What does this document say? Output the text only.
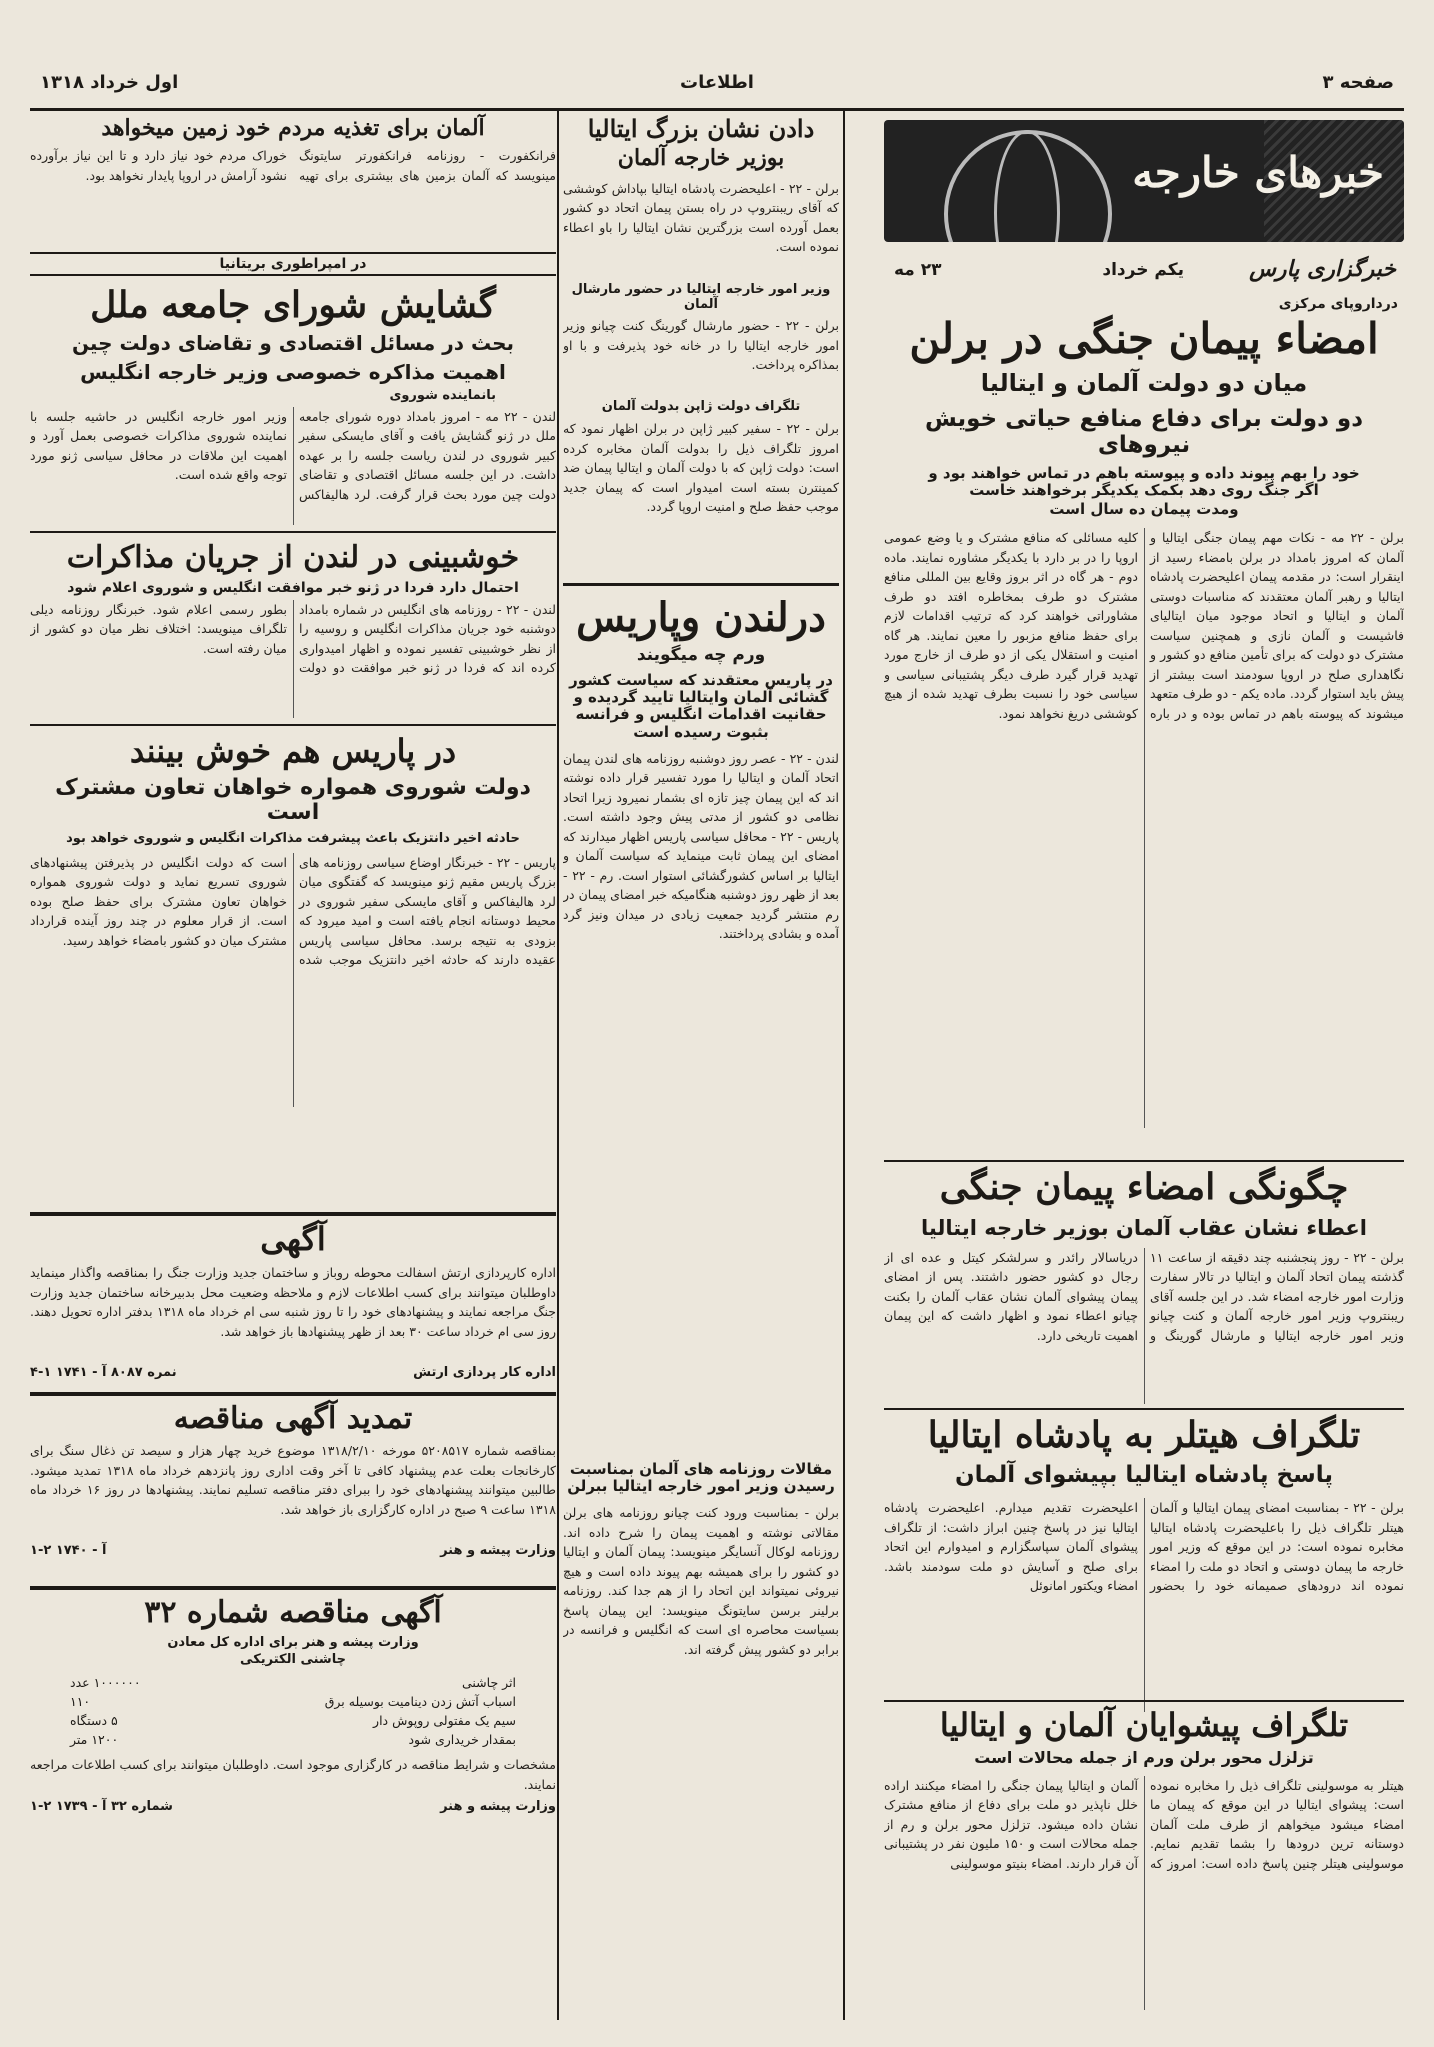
صفحه ۳
اطلاعات
اول خرداد ۱۳۱۸
خبرهای خارجه
خبرگزاری پارس
یکم خرداد
۲۳ مه
درداروپای مرکزی
امضاء پیمان جنگی در برلن
میان دو دولت آلمان و ایتالیا
دو دولت برای دفاع منافع حیاتی خویش نیروهای
خود را بهم پیوند داده و پیوسته باهم در تماس خواهند بود و اگر جنگ روی دهد بکمک یکدیگر برخواهند خاست
ومدت پیمان ده سال است
برلن - ۲۲ مه - نکات مهم پیمان جنگی ایتالیا و آلمان که امروز بامداد در برلن بامضاء رسید از اینقرار است: در مقدمه پیمان اعلیحضرت پادشاه ایتالیا و رهبر آلمان معتقدند که مناسبات دوستی آلمان و ایتالیا و اتحاد موجود میان ایتالیای فاشیست و آلمان نازی و همچنین سیاست مشترک دو دولت که برای تأمین منافع دو کشور و نگاهداری صلح در اروپا سودمند است بیشتر از پیش باید استوار گردد. ماده یکم - دو طرف متعهد میشوند که پیوسته باهم در تماس بوده و در باره کلیه مسائلی که منافع مشترک و یا وضع عمومی اروپا را در بر دارد با یکدیگر مشاوره نمایند. ماده دوم - هر گاه در اثر بروز وقایع بین المللی منافع مشترک دو طرف بمخاطره افتد دو طرف مشاوراتی خواهند کرد که ترتیب اقدامات لازم برای حفظ منافع مزبور را معین نمایند. هر گاه امنیت و استقلال یکی از دو طرف از خارج مورد تهدید قرار گیرد طرف دیگر پشتیبانی سیاسی و سیاسی خود را نسبت بطرف تهدید شده از هیچ کوششی دریغ نخواهد نمود.
چگونگی امضاء پیمان جنگی
اعطاء نشان عقاب آلمان بوزیر خارجه ایتالیا
برلن - ۲۲ - روز پنجشنبه چند دقیقه از ساعت ۱۱ گذشته پیمان اتحاد آلمان و ایتالیا در تالار سفارت وزارت امور خارجه امضاء شد. در این جلسه آقای ریبنتروپ وزیر امور خارجه آلمان و کنت چیانو وزیر امور خارجه ایتالیا و مارشال گورینگ و دریاسالار رائدر و سرلشکر کیتل و عده ای از رجال دو کشور حضور داشتند. پس از امضای پیمان پیشوای آلمان نشان عقاب آلمان را بکنت چیانو اعطاء نمود و اظهار داشت که این پیمان اهمیت تاریخی دارد.
تلگراف هیتلر به پادشاه ایتالیا
پاسخ پادشاه ایتالیا بپیشوای آلمان
برلن - ۲۲ - بمناسبت امضای پیمان ایتالیا و آلمان هیتلر تلگراف ذیل را باعلیحضرت پادشاه ایتالیا مخابره نموده است: در این موقع که وزیر امور خارجه ما پیمان دوستی و اتحاد دو ملت را امضاء نموده اند درودهای صمیمانه خود را بحضور اعلیحضرت تقدیم میدارم. اعلیحضرت پادشاه ایتالیا نیز در پاسخ چنین ابراز داشت: از تلگراف پیشوای آلمان سپاسگزارم و امیدوارم این اتحاد برای صلح و آسایش دو ملت سودمند باشد. امضاء ویکتور امانوئل
تلگراف پیشوایان آلمان و ایتالیا
تزلزل محور برلن ورم از جمله محالات است
هیتلر به موسولینی تلگراف ذیل را مخابره نموده است: پیشوای ایتالیا در این موقع که پیمان ما امضاء میشود میخواهم از طرف ملت آلمان دوستانه ترین درودها را بشما تقدیم نمایم. موسولینی هیتلر چنین پاسخ داده است: امروز که آلمان و ایتالیا پیمان جنگی را امضاء میکنند اراده خلل ناپذیر دو ملت برای دفاع از منافع مشترک نشان داده میشود. تزلزل محور برلن و رم از جمله محالات است و ۱۵۰ ملیون نفر در پشتیبانی آن قرار دارند. امضاء بنیتو موسولینی
دادن نشان بزرگ ایتالیا
بوزیر خارجه آلمان
برلن - ۲۲ - اعلیحضرت پادشاه ایتالیا بپاداش کوششی که آقای ریبنتروپ در راه بستن پیمان اتحاد دو کشور بعمل آورده است بزرگترین نشان ایتالیا را باو اعطاء نموده است.
وزیر امور خارجه ایتالیا در حضور مارشال آلمان
برلن - ۲۲ - حضور مارشال گورینگ کنت چیانو وزیر امور خارجه ایتالیا را در خانه خود پذیرفت و با او بمذاکره پرداخت.
تلگراف دولت ژاپن بدولت آلمان
برلن - ۲۲ - سفیر کبیر ژاپن در برلن اظهار نمود که امروز تلگراف ذیل را بدولت آلمان مخابره کرده است: دولت ژاپن که با دولت آلمان و ایتالیا پیمان ضد کمینترن بسته است امیدوار است که پیمان جدید موجب حفظ صلح و امنیت اروپا گردد.
درلندن وپاریس
ورم چه میگویند
در پاریس معتقدند که سیاست کشور گشائی آلمان وایتالیا تایید گردیده و حقانیت اقدامات انگلیس و فرانسه بثبوت رسیده است
لندن - ۲۲ - عصر روز دوشنبه روزنامه های لندن پیمان اتحاد آلمان و ایتالیا را مورد تفسیر قرار داده نوشته اند که این پیمان چیز تازه ای بشمار نمیرود زیرا اتحاد نظامی دو کشور از مدتی پیش وجود داشته است. پاریس - ۲۲ - محافل سیاسی پاریس اظهار میدارند که امضای این پیمان ثابت مینماید که سیاست آلمان و ایتالیا بر اساس کشورگشائی استوار است. رم - ۲۲ - بعد از ظهر روز دوشنبه هنگامیکه خبر امضای پیمان در رم منتشر گردید جمعیت زیادی در میدان ونیز گرد آمده و بشادی پرداختند.
مقالات روزنامه های آلمان بمناسبت رسیدن وزیر امور خارجه ایتالیا ببرلن
برلن - بمناسبت ورود کنت چیانو روزنامه های برلن مقالاتی نوشته و اهمیت پیمان را شرح داده اند. روزنامه لوکال آنسایگر مینویسد: پیمان آلمان و ایتالیا دو کشور را برای همیشه بهم پیوند داده است و هیچ نیروئی نمیتواند این اتحاد را از هم جدا کند. روزنامه برلینر برسن سایتونگ مینویسد: این پیمان پاسخ بسیاست محاصره ای است که انگلیس و فرانسه در برابر دو کشور پیش گرفته اند.
آلمان برای تغذیه مردم خود زمین میخواهد
فرانکفورت - روزنامه فرانکفورتر سایتونگ مینویسد که آلمان بزمین های بیشتری برای تهیه خوراک مردم خود نیاز دارد و تا این نیاز برآورده نشود آرامش در اروپا پایدار نخواهد بود.
در امپراطوری بریتانیا
گشایش شورای جامعه ملل
بحث در مسائل اقتصادی و تقاضای دولت چین
اهمیت مذاکره خصوصی وزیر خارجه انگلیس
بانماینده شوروی
لندن - ۲۲ مه - امروز بامداد دوره شورای جامعه ملل در ژنو گشایش یافت و آقای مایسکی سفیر کبیر شوروی در لندن ریاست جلسه را بر عهده داشت. در این جلسه مسائل اقتصادی و تقاضای دولت چین مورد بحث قرار گرفت. لرد هالیفاکس وزیر امور خارجه انگلیس در حاشیه جلسه با نماینده شوروی مذاکرات خصوصی بعمل آورد و اهمیت این ملاقات در محافل سیاسی ژنو مورد توجه واقع شده است.
خوشبینی در لندن از جریان مذاکرات
احتمال دارد فردا در ژنو خبر موافقت انگلیس و شوروی اعلام شود
لندن - ۲۲ - روزنامه های انگلیس در شماره بامداد دوشنبه خود جریان مذاکرات انگلیس و روسیه را از نظر خوشبینی تفسیر نموده و اظهار امیدواری کرده اند که فردا در ژنو خبر موافقت دو دولت بطور رسمی اعلام شود. خبرنگار روزنامه دیلی تلگراف مینویسد: اختلاف نظر میان دو کشور از میان رفته است.
در پاریس هم خوش بینند
دولت شوروی همواره خواهان تعاون مشترک است
حادثه اخیر دانتزیک باعث پیشرفت مذاکرات انگلیس و شوروی خواهد بود
پاریس - ۲۲ - خبرنگار اوضاع سیاسی روزنامه های بزرگ پاریس مقیم ژنو مینویسد که گفتگوی میان لرد هالیفاکس و آقای مایسکی سفیر شوروی در محیط دوستانه انجام یافته است و امید میرود که بزودی به نتیجه برسد. محافل سیاسی پاریس عقیده دارند که حادثه اخیر دانتزیک موجب شده است که دولت انگلیس در پذیرفتن پیشنهادهای شوروی تسریع نماید و دولت شوروی همواره خواهان تعاون مشترک برای حفظ صلح بوده است. از قرار معلوم در چند روز آینده قرارداد مشترک میان دو کشور بامضاء خواهد رسید.
آگهی
اداره کارپردازی ارتش اسفالت محوطه روباز و ساختمان جدید وزارت جنگ را بمناقصه واگذار مینماید داوطلبان میتوانند برای کسب اطلاعات لازم و ملاحظه وضعیت محل بدبیرخانه ساختمان جدید وزارت جنگ مراجعه نمایند و پیشنهادهای خود را تا روز شنبه سی ام خرداد ماه ۱۳۱۸ بدفتر اداره تحویل دهند. روز سی ام خرداد ساعت ۳۰ بعد از ظهر پیشنهادها باز خواهد شد.
اداره کار پردازی ارتش
نمره ۸۰۸۷ آ - ۱۷۴۱ ۱-۴
تمدید آگهی مناقصه
بمناقصه شماره ۵۲۰۸۵۱۷ مورخه ۱۳۱۸/۲/۱۰ موضوع خرید چهار هزار و سیصد تن ذغال سنگ برای کارخانجات بعلت عدم پیشنهاد کافی تا آخر وقت اداری روز پانزدهم خرداد ماه ۱۳۱۸ تمدید میشود. طالبین میتوانند پیشنهادهای خود را ببرای دفتر مناقصه تسلیم نمایند. پیشنهادها در روز ۱۶ خرداد ماه ۱۳۱۸ ساعت ۹ صبح در اداره کارگزاری باز خواهد شد.
وزارت پیشه و هنر
آ - ۱۷۴۰ ۲-۱
آگهی مناقصه شماره ۳۲
وزارت پیشه و هنر برای اداره کل معادن
چاشنی الکتریکی
اثر چاشنی
۱۰۰۰۰۰۰ عدد
اسباب آتش زدن دینامیت بوسیله برق
۱۱۰
سیم یک مفتولی روپوش دار
۵ دستگاه
بمقدار خریداری شود
۱۲۰۰ متر
مشخصات و شرایط مناقصه در کارگزاری موجود است. داوطلبان میتوانند برای کسب اطلاعات مراجعه نمایند.
وزارت پیشه و هنر
شماره ۳۲ آ - ۱۷۳۹ ۲-۱
